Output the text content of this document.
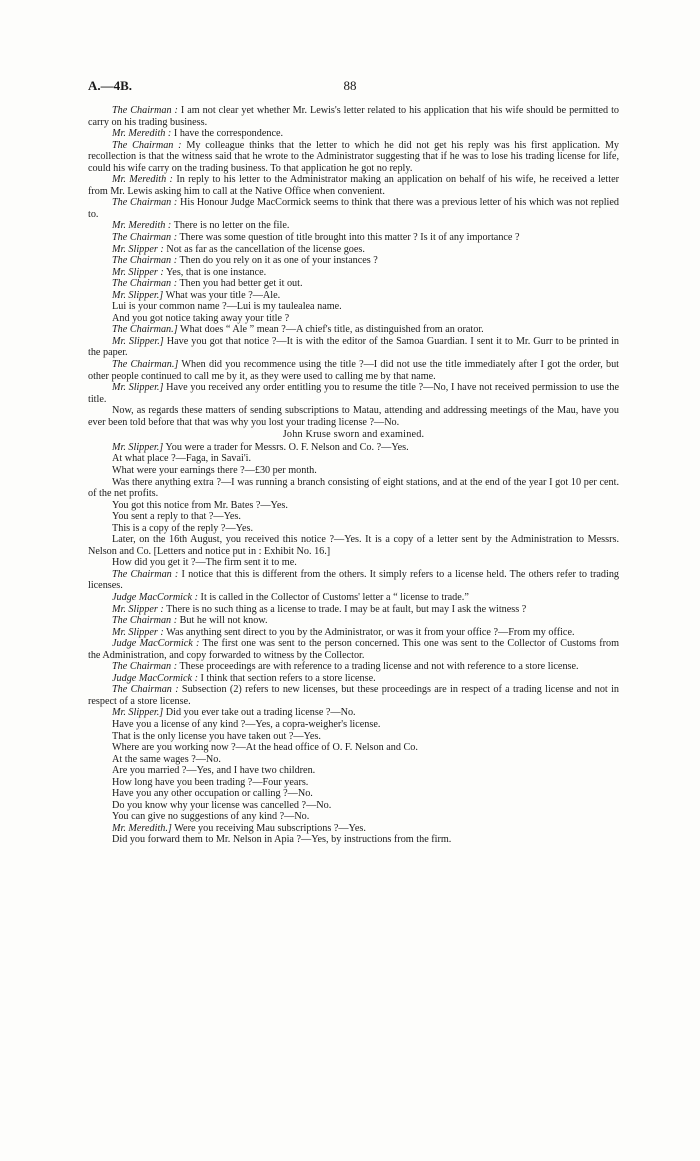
A.—4B.	88

The Chairman : I am not clear yet whether Mr. Lewis's letter related to his application that his wife should be permitted to carry on his trading business.

Mr. Meredith : I have the correspondence.

The Chairman : My colleague thinks that the letter to which he did not get his reply was his first application. My recollection is that the witness said that he wrote to the Administrator suggesting that if he was to lose his trading license for life, could his wife carry on the trading business. To that application he got no reply.

Mr. Meredith : In reply to his letter to the Administrator making an application on behalf of his wife, he received a letter from Mr. Lewis asking him to call at the Native Office when convenient.

The Chairman : His Honour Judge MacCormick seems to think that there was a previous letter of his which was not replied to.

Mr. Meredith : There is no letter on the file.

The Chairman : There was some question of title brought into this matter ? Is it of any importance ?

Mr. Slipper : Not as far as the cancellation of the license goes.

The Chairman : Then do you rely on it as one of your instances ?

Mr. Slipper : Yes, that is one instance.

The Chairman : Then you had better get it out.

Mr. Slipper.] What was your title ?—Ale.

Lui is your common name ?—Lui is my taulealea name.

And you got notice taking away your title ?

The Chairman.] What does “ Ale ” mean ?—A chief's title, as distinguished from an orator.

Mr. Slipper.] Have you got that notice ?—It is with the editor of the Samoa Guardian. I sent it to Mr. Gurr to be printed in the paper.

The Chairman.] When did you recommence using the title ?—I did not use the title immediately after I got the order, but other people continued to call me by it, as they were used to calling me by that name.

Mr. Slipper.] Have you received any order entitling you to resume the title ?—No, I have not received permission to use the title.

Now, as regards these matters of sending subscriptions to Matau, attending and addressing meetings of the Mau, have you ever been told before that that was why you lost your trading license ?—No.

John Kruse sworn and examined.

Mr. Slipper.] You were a trader for Messrs. O. F. Nelson and Co. ?—Yes.

At what place ?—Faga, in Savai'i.

What were your earnings there ?—£30 per month.

Was there anything extra ?—I was running a branch consisting of eight stations, and at the end of the year I got 10 per cent. of the net profits.

You got this notice from Mr. Bates ?—Yes.

You sent a reply to that ?—Yes.

This is a copy of the reply ?—Yes.

Later, on the 16th August, you received this notice ?—Yes. It is a copy of a letter sent by the Administration to Messrs. Nelson and Co. [Letters and notice put in : Exhibit No. 16.]

How did you get it ?—The firm sent it to me.

The Chairman : I notice that this is different from the others. It simply refers to a license held. The others refer to trading licenses.

Judge MacCormick : It is called in the Collector of Customs' letter a “ license to trade.”

Mr. Slipper : There is no such thing as a license to trade. I may be at fault, but may I ask the witness ?

The Chairman : But he will not know.

Mr. Slipper : Was anything sent direct to you by the Administrator, or was it from your office ?—From my office.

Judge MacCormick : The first one was sent to the person concerned. This one was sent to the Collector of Customs from the Administration, and copy forwarded to witness by the Collector.

The Chairman : These proceedings are with reference to a trading license and not with reference to a store license.

Judge MacCormick : I think that section refers to a store license.

The Chairman : Subsection (2) refers to new licenses, but these proceedings are in respect of a trading license and not in respect of a store license.

Mr. Slipper.] Did you ever take out a trading license ?—No.

Have you a license of any kind ?—Yes, a copra-weigher's license.

That is the only license you have taken out ?—Yes.

Where are you working now ?—At the head office of O. F. Nelson and Co.

At the same wages ?—No.

Are you married ?—Yes, and I have two children.

How long have you been trading ?—Four years.

Have you any other occupation or calling ?—No.

Do you know why your license was cancelled ?—No.

You can give no suggestions of any kind ?—No.

Mr. Meredith.] Were you receiving Mau subscriptions ?—Yes.

Did you forward them to Mr. Nelson in Apia ?—Yes, by instructions from the firm.
